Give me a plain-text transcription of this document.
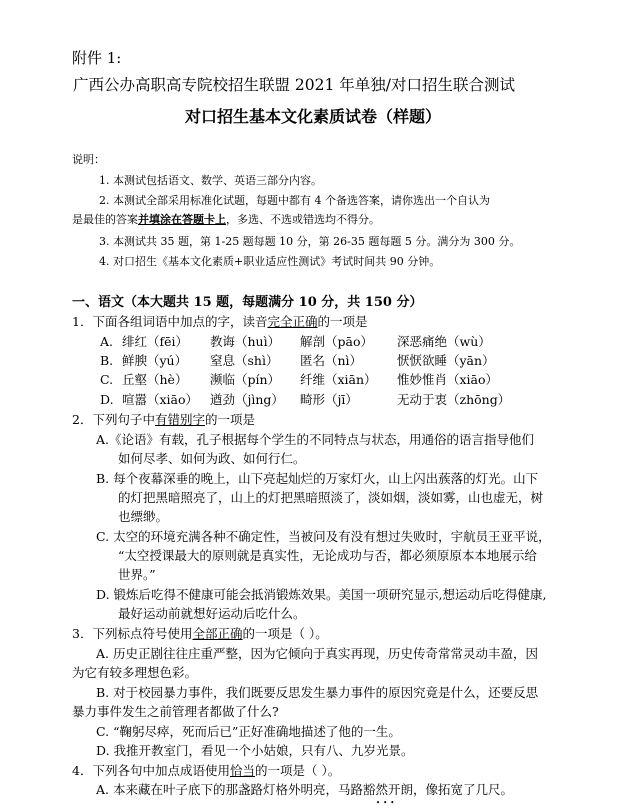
附件 1:
广西公办高职高专院校招生联盟 2021 年单独/对口招生联合测试
对口招生基本文化素质试卷（样题）
说明：
1. 本测试包括语文、数学、英语三部分内容。
2. 本测试全部采用标准化试题，每题中都有 4 个备选答案，请你选出一个自认为
是最佳的答案并填涂在答题卡上，多选、不选或错选均不得分。
3. 本测试共 35 题，第 1-25 题每题 10 分，第 26-35 题每题 5 分。满分为 300 分。
4. 对口招生《基本文化素质+职业适应性测试》考试时间共 90 分钟。
一、语文（本大题共 15 题，每题满分 10 分，共 150 分）
1．下面各组词语中加点的字，读音完全正确的一项是
A. 绯红（fēi） 教诲（huì） 解剖（pāo） 深恶痛绝（wù）
B. 鲜腴（yú） 窒息（shì） 匿名（nì）	恹恹欲睡（yān）
C. 丘壑（hè） 濒临（pín） 纤维（xiān） 惟妙惟肖（xiāo）
D. 喧嚣（xiāo） 遒劲（jìng） 畸形（jī）	无动于衷（zhōng）
2．下列句子中有错别字的一项是
A.《论语》有载，孔子根据每个学生的不同特点与状态，用通俗的语言指导他们
如何尽孝、如何为政、如何行仁。
B. 每个夜幕深垂的晚上，山下亮起灿烂的万家灯火，山上闪出蔟落的灯光。山下
的灯把黑暗照亮了，山上的灯把黑暗照淡了，淡如烟，淡如雾，山也虚无，树
也缥缈。
C. 太空的环境充满各种不确定性，当被问及有没有想过失败时，宇航员王亚平说，
“太空授课最大的原则就是真实性，无论成功与否，都必须原原本本地展示给
世界。”
D. 锻炼后吃得不健康可能会抵消锻炼效果。美国一项研究显示,想运动后吃得健康,
最好运动前就想好运动后吃什么。
3．下列标点符号使用全部正确的一项是（ ）。
A. 历史正剧往往庄重严整，因为它倾向于真实再现，历史传奇常常灵动丰盈，因
为它有较多理想色彩。
B. 对于校园暴力事件，我们既要反思发生暴力事件的原因究竟是什么，还要反思
暴力事件发生之前管理者都做了什么?
C. “鞠躬尽瘁，死而后已”正好准确地描述了他的一生。
D. 我推开教室门，看见一个小姑娘，只有八、九岁光景。
4．下列各句中加点成语使用恰当的一项是（ ）。
A. 本来藏在叶子底下的那盏路灯格外明亮，马路豁然开朗，像拓宽了几尺。
•••
